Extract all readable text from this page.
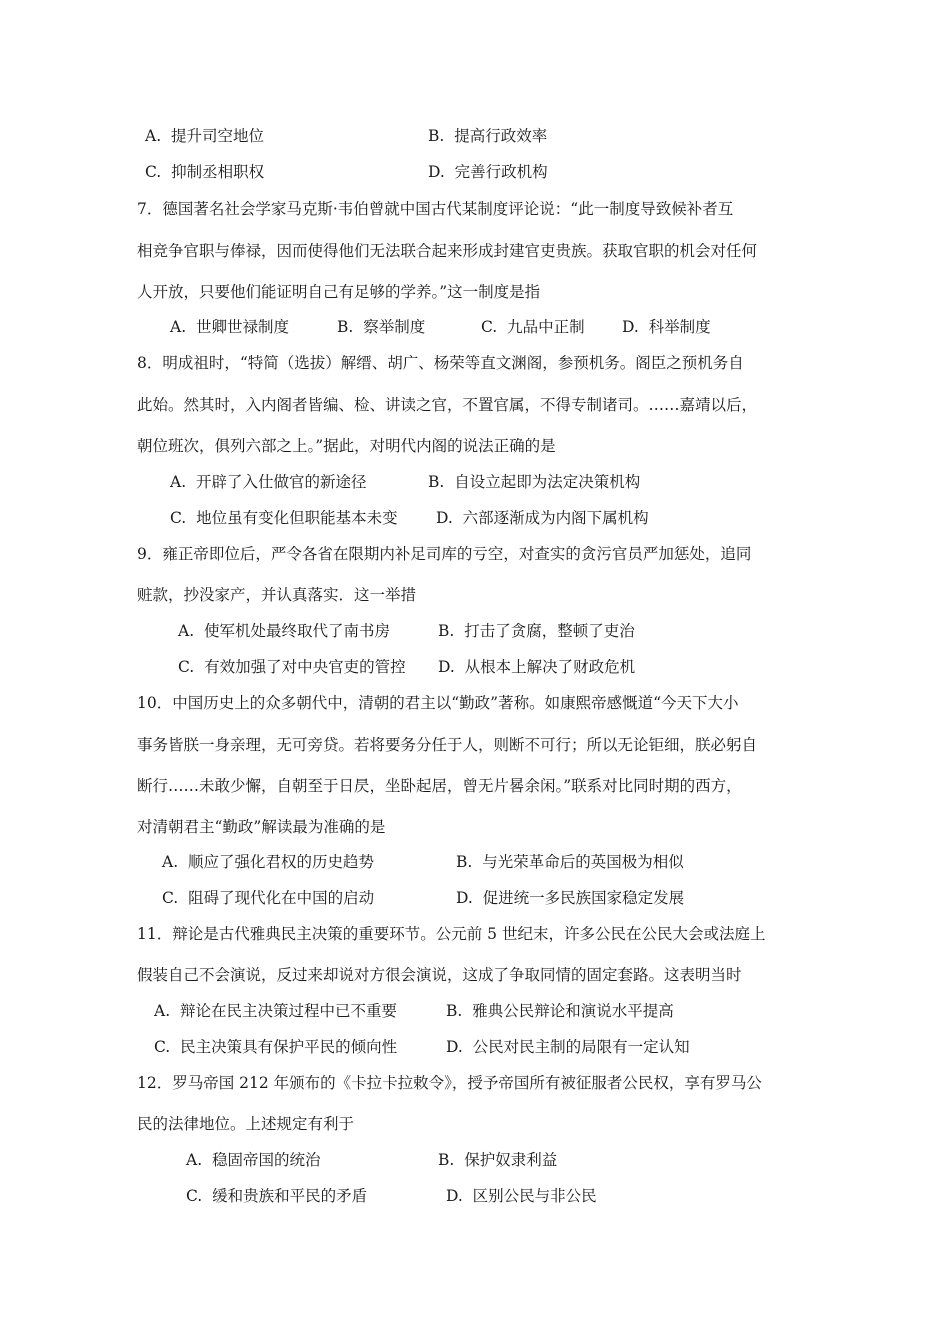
A. 提升司空地位	B. 提高行政效率
C. 抑制丞相职权	D. 完善行政机构
7．德国著名社会学家马克斯·韦伯曾就中国古代某制度评论说：“此一制度导致候补者互
相竞争官职与俸禄，因而使得他们无法联合起来形成封建官吏贵族。获取官职的机会对任何
人开放，只要他们能证明自己有足够的学养。”这一制度是指
A. 世卿世禄制度	B. 察举制度	C. 九品中正制 D. 科举制度
8．明成祖时，“特简（选拔）解缙、胡广、杨荣等直文渊阁，参预机务。阁臣之预机务自
此始。然其时，入内阁者皆编、检、讲读之官，不置官属，不得专制诸司。……嘉靖以后，
朝位班次，俱列六部之上。”据此，对明代内阁的说法正确的是
A. 开辟了入仕做官的新途径	B. 自设立起即为法定决策机构
C. 地位虽有变化但职能基本未变 D. 六部逐渐成为内阁下属机构
9．雍正帝即位后，严令各省在限期内补足司库的亏空，对查实的贪污官员严加惩处，追同
赃款，抄没家产，并认真落实．这一举措
A. 使军机处最终取代了南书房	B. 打击了贪腐，整顿了吏治
C. 有效加强了对中央官吏的管控 D. 从根本上解决了财政危机
10．中国历史上的众多朝代中，清朝的君主以“勤政”著称。如康熙帝感慨道“今天下大小
事务皆朕一身亲理，无可旁贷。若将要务分任于人，则断不可行；所以无论钜细，朕必躬自
断行……未敢少懈，自朝至于日昃，坐卧起居，曾无片晷余闲。”联系对比同时期的西方，
对清朝君主“勤政”解读最为准确的是
A. 顺应了强化君权的历史趋势	B. 与光荣革命后的英国极为相似
C. 阻碍了现代化在中国的启动	D. 促进统一多民族国家稳定发展
11．辩论是古代雅典民主决策的重要环节。公元前 5 世纪末，许多公民在公民大会或法庭上
假装自己不会演说，反过来却说对方很会演说，这成了争取同情的固定套路。这表明当时
A. 辩论在民主决策过程中已不重要	B. 雅典公民辩论和演说水平提高
C. 民主决策具有保护平民的倾向性	D. 公民对民主制的局限有一定认知
12．罗马帝国 212 年颁布的《卡拉卡拉敕令》，授予帝国所有被征服者公民权，享有罗马公
民的法律地位。上述规定有利于
A. 稳固帝国的统治	B. 保护奴隶利益
C. 缓和贵族和平民的矛盾	D. 区别公民与非公民
